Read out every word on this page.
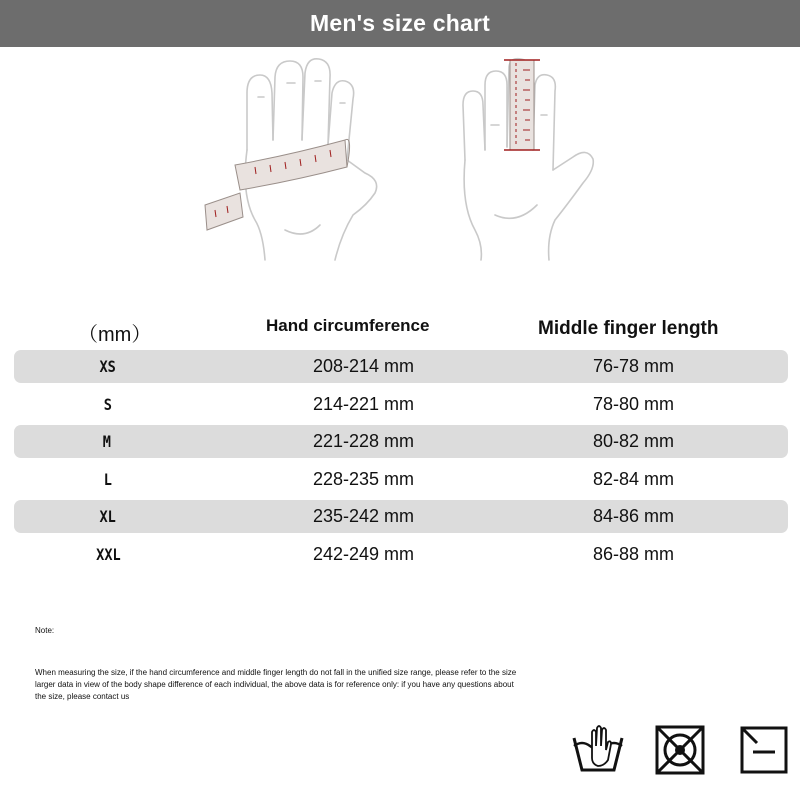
Men's size chart
（mm）	Hand circumference	Middle finger length
XS	208-214 mm	76-78 mm
S	214-221 mm	78-80 mm
M	221-228 mm	80-82 mm
L	228-235 mm	82-84 mm
XL	235-242 mm	84-86 mm
XXL	242-249 mm	86-88 mm
Note:
When measuring the size, if the hand circumference and middle finger length do not fall in the unified size range, please refer to the size larger data in view of the body shape difference of each individual, the above data is for reference only: if you have any questions about the size, please contact us
